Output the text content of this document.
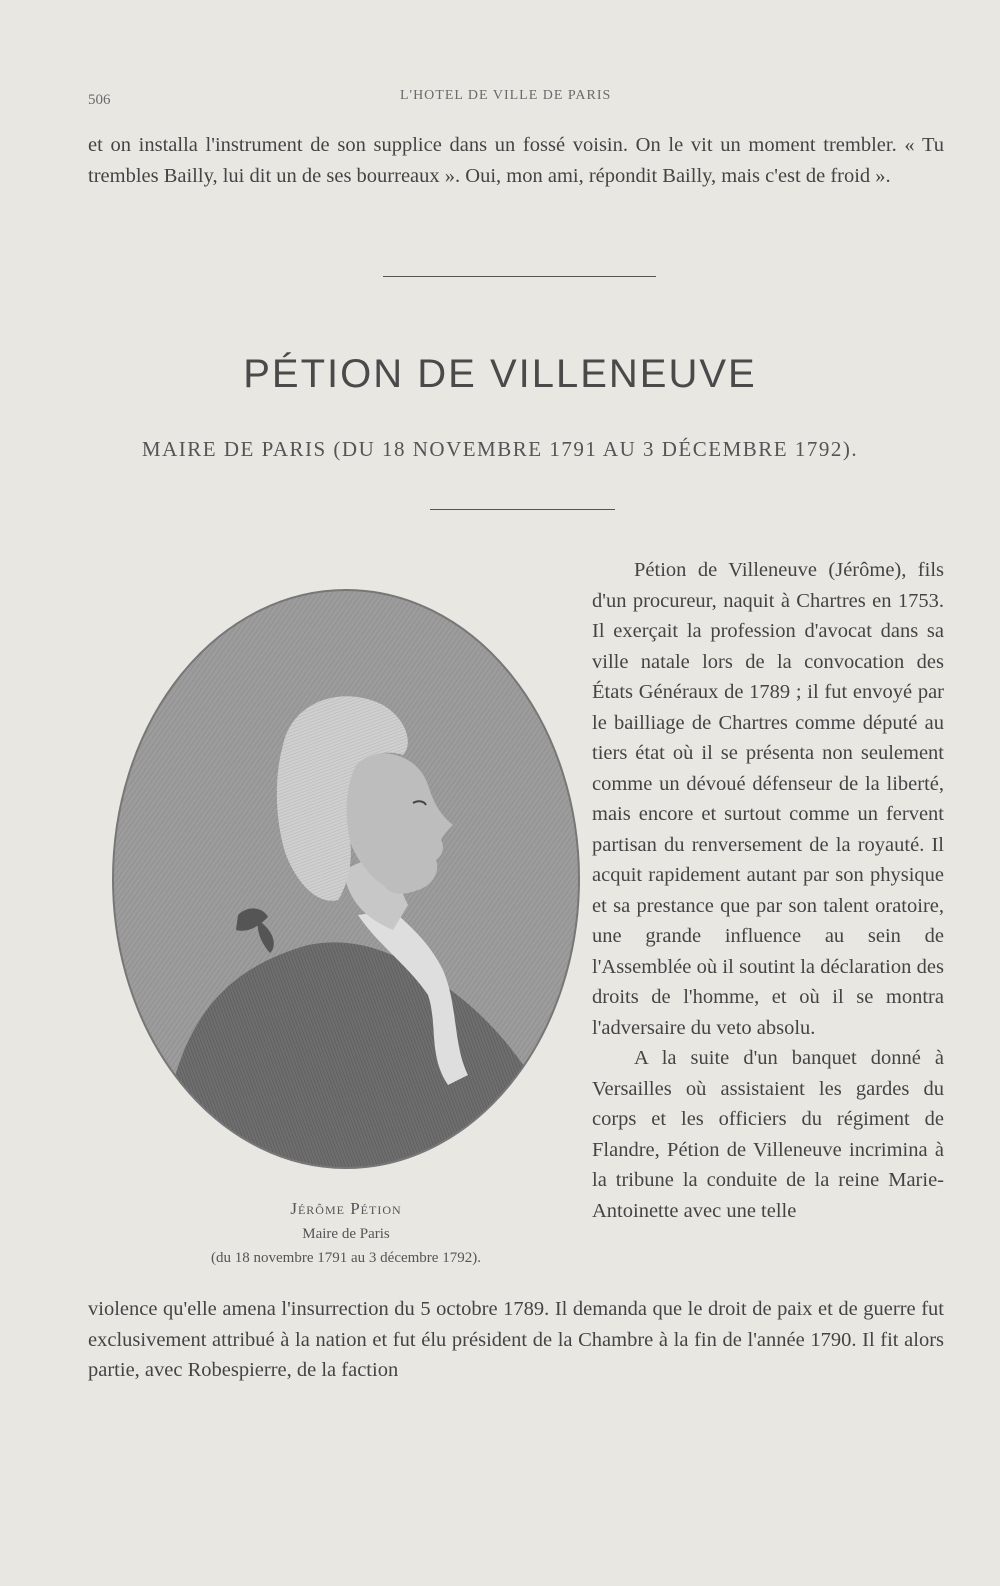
506	L'HOTEL DE VILLE DE PARIS

et on installa l'instrument de son supplice dans un fossé voisin. On le vit un moment trembler. « Tu trembles Bailly, lui dit un de ses bourreaux ». Oui, mon ami, répondit Bailly, mais c'est de froid ».

PÉTION DE VILLENEUVE
MAIRE DE PARIS (DU 18 NOVEMBRE 1791 AU 3 DÉCEMBRE 1792).
Jérôme Pétion
Maire de Paris
(du 18 novembre 1791 au 3 décembre 1792).

Pétion de Villeneuve (Jérôme), fils d'un procureur, naquit à Chartres en 1753. Il exerçait la profession d'avocat dans sa ville natale lors de la convocation des États Généraux de 1789 ; il fut envoyé par le bailliage de Chartres comme député au tiers état où il se présenta non seulement comme un dévoué défenseur de la liberté, mais encore et surtout comme un fervent partisan du renversement de la royauté. Il acquit rapidement autant par son physique et sa prestance que par son talent oratoire, une grande influence au sein de l'Assemblée où il soutint la déclaration des droits de l'homme, et où il se montra l'adversaire du veto absolu.

A la suite d'un banquet donné à Versailles où assistaient les gardes du corps et les officiers du régiment de Flandre, Pétion de Villeneuve incrimina à la tribune la conduite de la reine Marie-Antoinette avec une telle

violence qu'elle amena l'insurrection du 5 octobre 1789. Il demanda que le droit de paix et de guerre fut exclusivement attribué à la nation et fut élu président de la Chambre à la fin de l'année 1790. Il fit alors partie, avec Robespierre, de la faction
